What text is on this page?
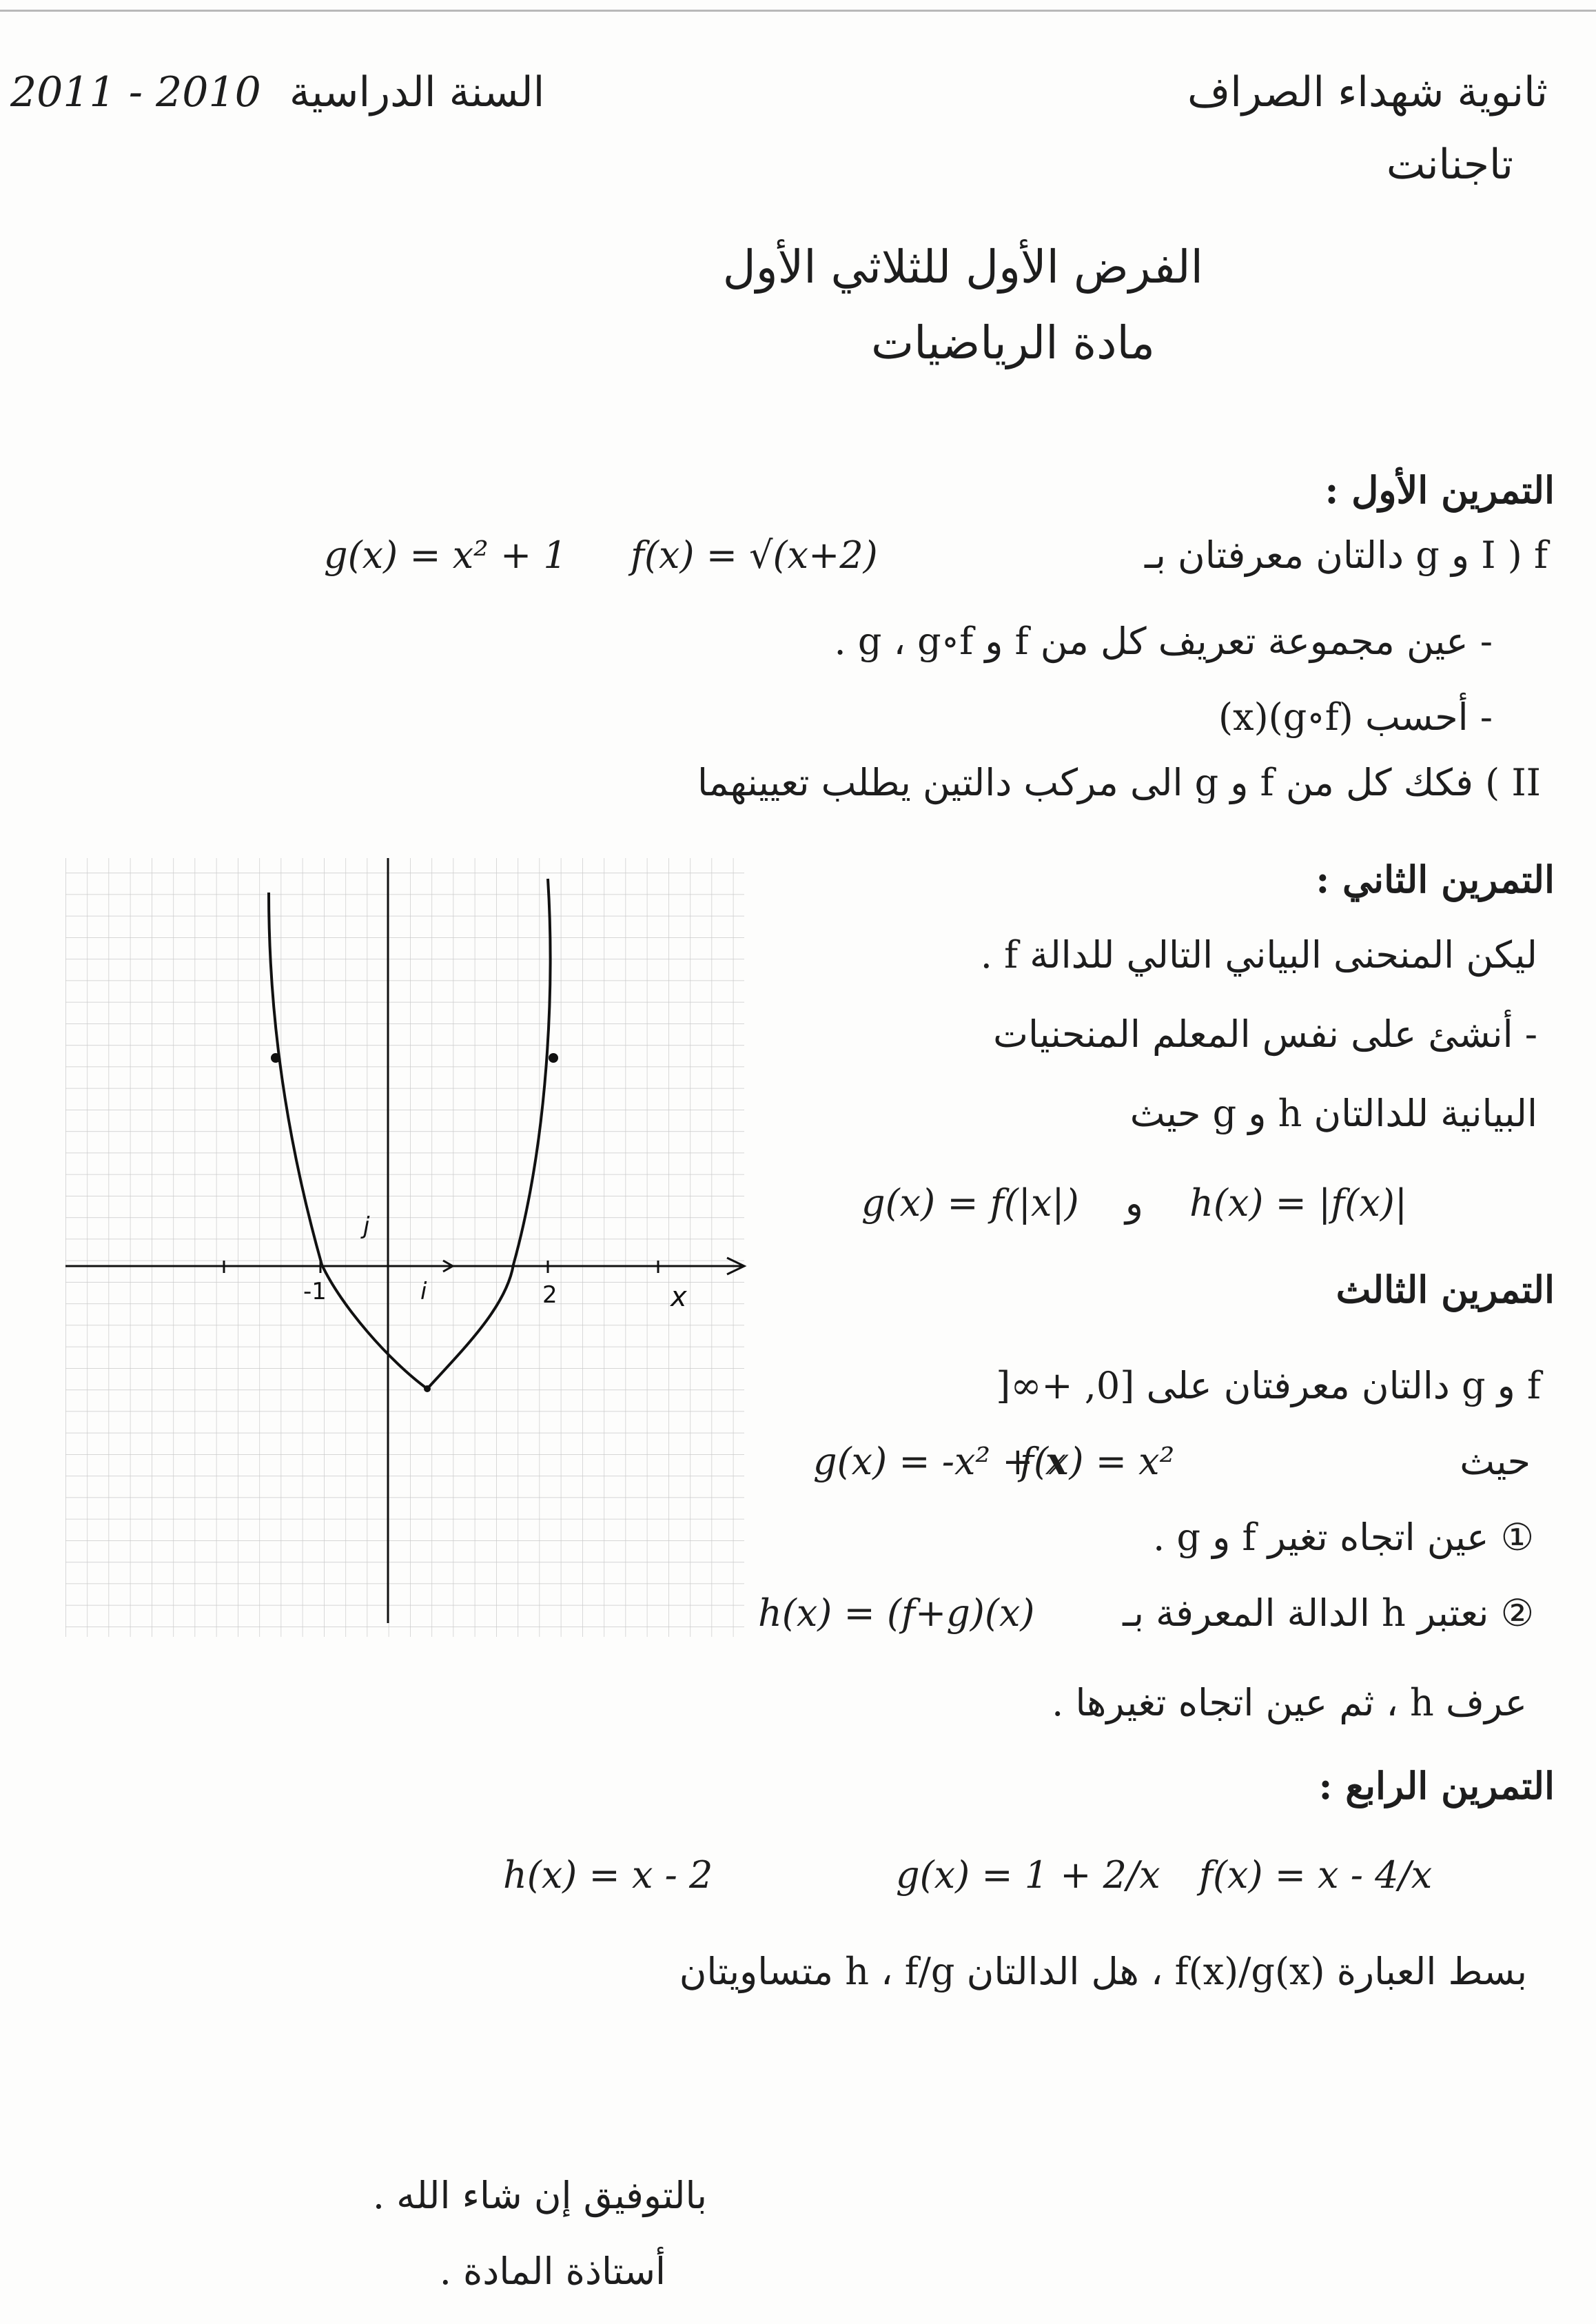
ثانوية شهداء الصراف
تاجنانت
2011 - 2010 السنة الدراسية
الفرض الأول للثلاثي الأول
مادة الرياضيات
التمرين الأول :
I ) f و g دالتان معرفتان بـ
f(x) = √(x+2)
g(x) = x² + 1
- عين مجموعة تعريف كل من f و g ، g∘f .
- أحسب (g∘f)(x)
II ) فكك كل من f و g الى مركب دالتين يطلب تعيينهما
التمرين الثاني :
ليكن المنحنى البياني التالي للدالة f .
- أنشئ على نفس المعلم المنحنيات
البيانية للدالتان h و g حيث
g(x) = f(|x|) و h(x) = |f(x)|
-1	2
i
j
x	التمرين الثالث
f و g دالتان معرفتان على [0, +∞[
حيث
f(x) = x²
g(x) = -x² + x
① عين اتجاه تغير f و g .
② نعتبر h الدالة المعرفة بـ
h(x) = (f+g)(x)
عرف h ، ثم عين اتجاه تغيرها .
التمرين الرابع :
f(x) = x - 4/x
g(x) = 1 + 2/x
h(x) = x - 2
بسط العبارة f(x)/g(x) ، هل الدالتان h ، f/g متساويتان
بالتوفيق إن شاء الله .
أستاذة المادة .
